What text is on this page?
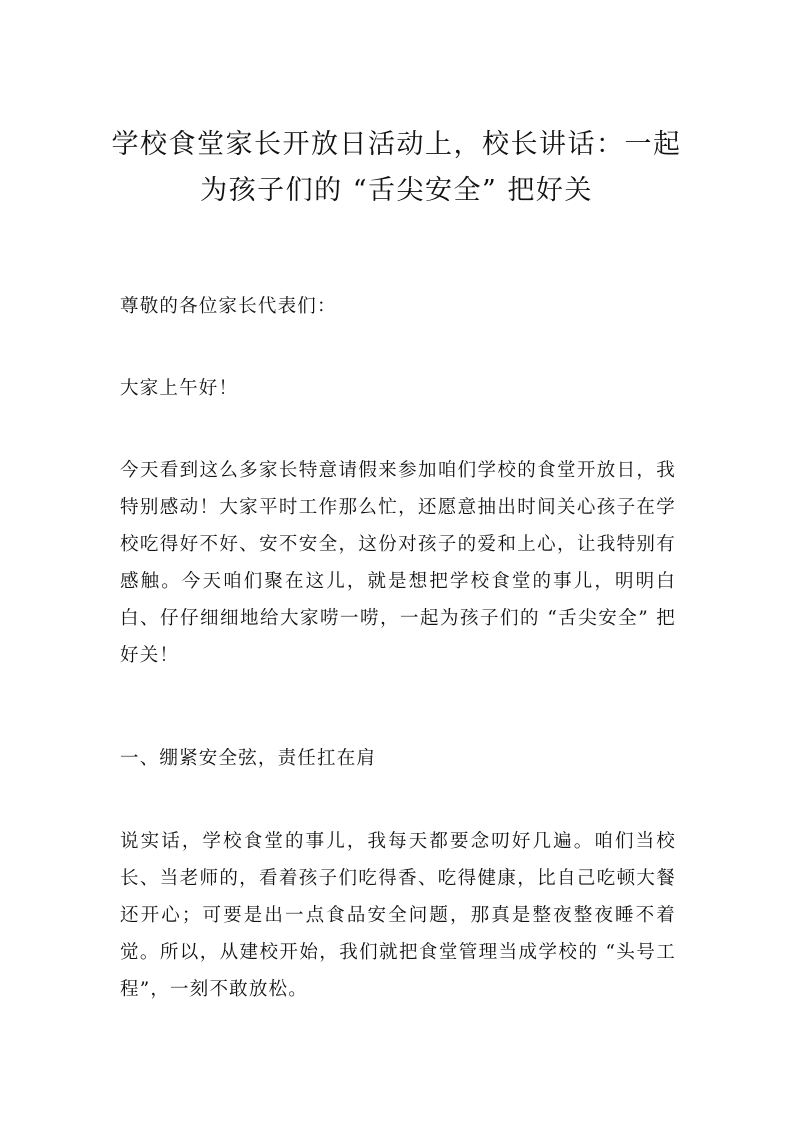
学校食堂家长开放日活动上，校长讲话：一起为孩子们的 “舌尖安全” 把好关

尊敬的各位家长代表们：

大家上午好！

今天看到这么多家长特意请假来参加咱们学校的食堂开放日，我特别感动！大家平时工作那么忙，还愿意抽出时间关心孩子在学校吃得好不好、安不安全，这份对孩子的爱和上心，让我特别有感触。今天咱们聚在这儿，就是想把学校食堂的事儿，明明白白、仔仔细细地给大家唠一唠，一起为孩子们的 “舌尖安全” 把好关！

一、绷紧安全弦，责任扛在肩

说实话，学校食堂的事儿，我每天都要念叨好几遍。咱们当校长、当老师的，看着孩子们吃得香、吃得健康，比自己吃顿大餐还开心；可要是出一点食品安全问题，那真是整夜整夜睡不着觉。所以，从建校开始，我们就把食堂管理当成学校的 “头号工程”，一刻不敢放松。
